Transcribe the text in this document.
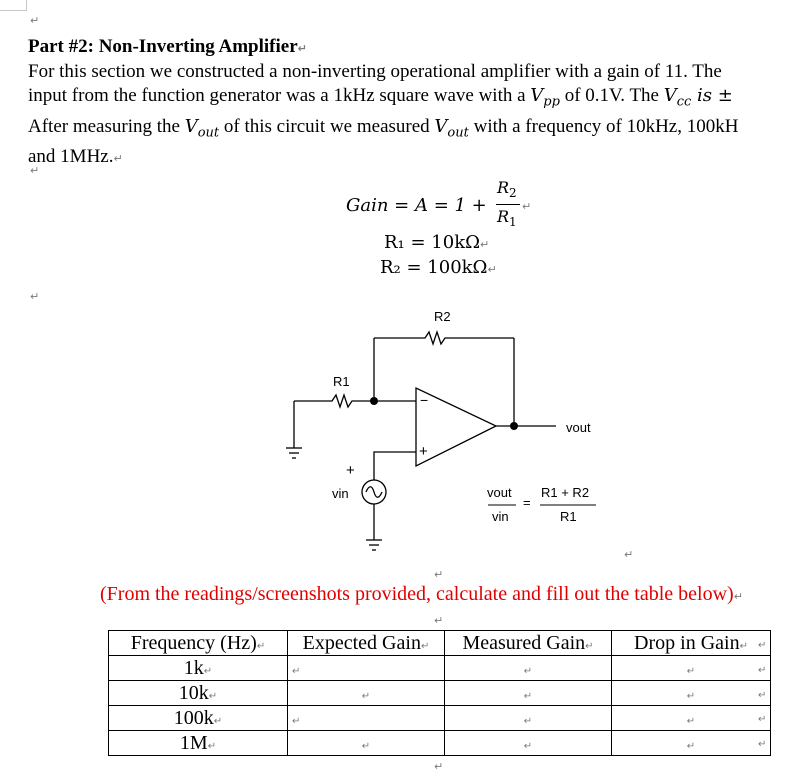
↵
Part #2: Non-Inverting Amplifier↵
For this section we constructed a non-inverting operational amplifier with a gain of 11. The
input from the function generator was a 1kHz square wave with a $V_{pp}$ of 0.1V. The $V_{cc}$ is ±
After measuring the $V_{out}$ of this circuit we measured $V_{out}$ with a frequency of 10kHz, 100kH
and 1MHz.↵
↵
Gain = A = 1 +
$R_2$
$R_1$
↵
R₁ = 10kΩ↵
R₂ = 100kΩ↵
↵
R2
R1
vout
−
+
+
vin	vout
vin
=
R1 + R2
R1
↵
↵
(From the readings/screenshots provided, calculate and fill out the table below)↵
↵
Frequency (Hz)↵	Expected Gain↵	Measured Gain↵	Drop in Gain↵
1k↵	↵	↵	↵
10k↵	↵	↵	↵
100k↵	↵	↵	↵
1M↵	↵	↵	↵
↵
↵
↵
↵
↵
↵
